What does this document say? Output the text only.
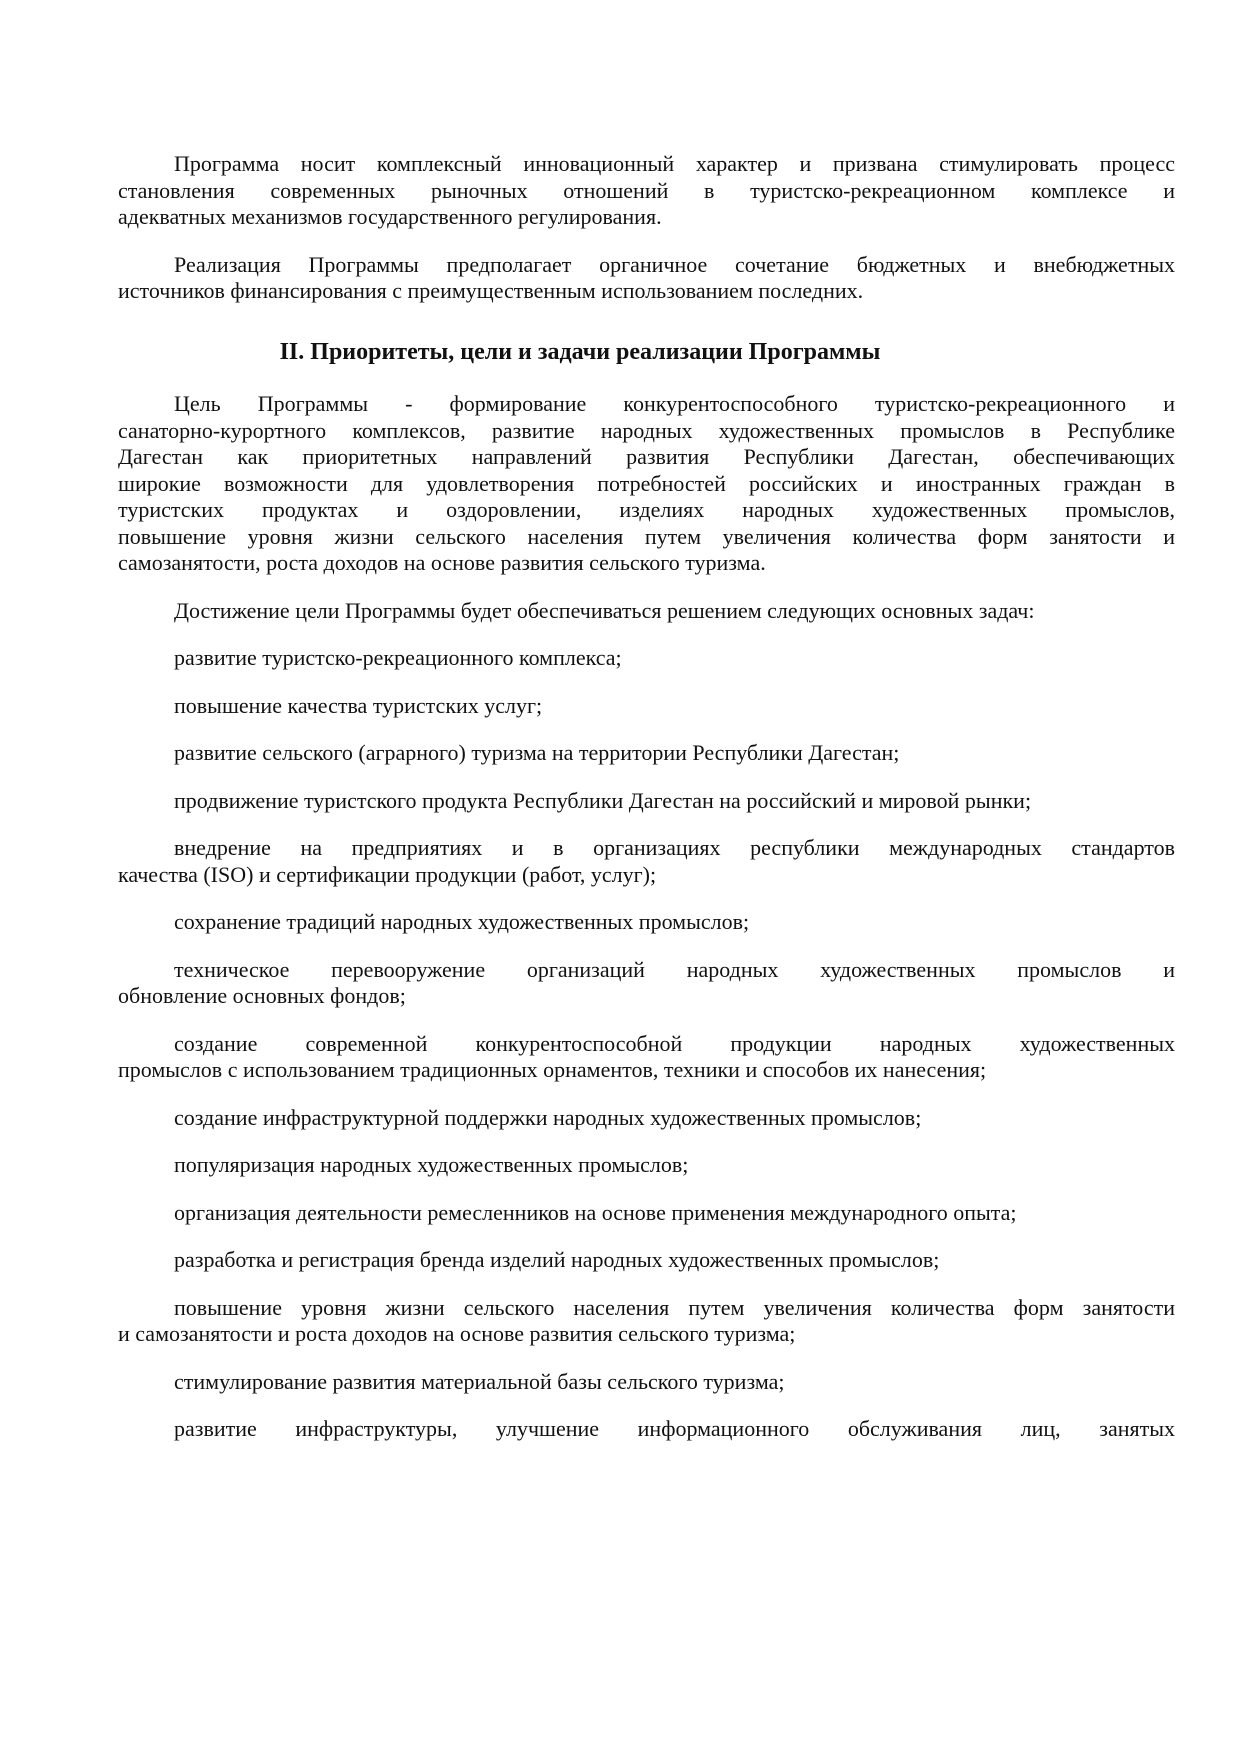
Программа носит комплексный инновационный характер и призвана стимулировать процесс
становления современных рыночных отношений в туристско-рекреационном комплексе и
адекватных механизмов государственного регулирования.
Реализация Программы предполагает органичное сочетание бюджетных и внебюджетных
источников финансирования с преимущественным использованием последних.
II. Приоритеты, цели и задачи реализации Программы
Цель Программы - формирование конкурентоспособного туристско-рекреационного и
санаторно-курортного комплексов, развитие народных художественных промыслов в Республике
Дагестан как приоритетных направлений развития Республики Дагестан, обеспечивающих
широкие возможности для удовлетворения потребностей российских и иностранных граждан в
туристских продуктах и оздоровлении, изделиях народных художественных промыслов,
повышение уровня жизни сельского населения путем увеличения количества форм занятости и
самозанятости, роста доходов на основе развития сельского туризма.
Достижение цели Программы будет обеспечиваться решением следующих основных задач:
развитие туристско-рекреационного комплекса;
повышение качества туристских услуг;
развитие сельского (аграрного) туризма на территории Республики Дагестан;
продвижение туристского продукта Республики Дагестан на российский и мировой рынки;
внедрение на предприятиях и в организациях республики международных стандартов
качества (ISO) и сертификации продукции (работ, услуг);
сохранение традиций народных художественных промыслов;
техническое перевооружение организаций народных художественных промыслов и
обновление основных фондов;
создание современной конкурентоспособной продукции народных художественных
промыслов с использованием традиционных орнаментов, техники и способов их нанесения;
создание инфраструктурной поддержки народных художественных промыслов;
популяризация народных художественных промыслов;
организация деятельности ремесленников на основе применения международного опыта;
разработка и регистрация бренда изделий народных художественных промыслов;
повышение уровня жизни сельского населения путем увеличения количества форм занятости
и самозанятости и роста доходов на основе развития сельского туризма;
стимулирование развития материальной базы сельского туризма;
развитие инфраструктуры, улучшение информационного обслуживания лиц, занятых
